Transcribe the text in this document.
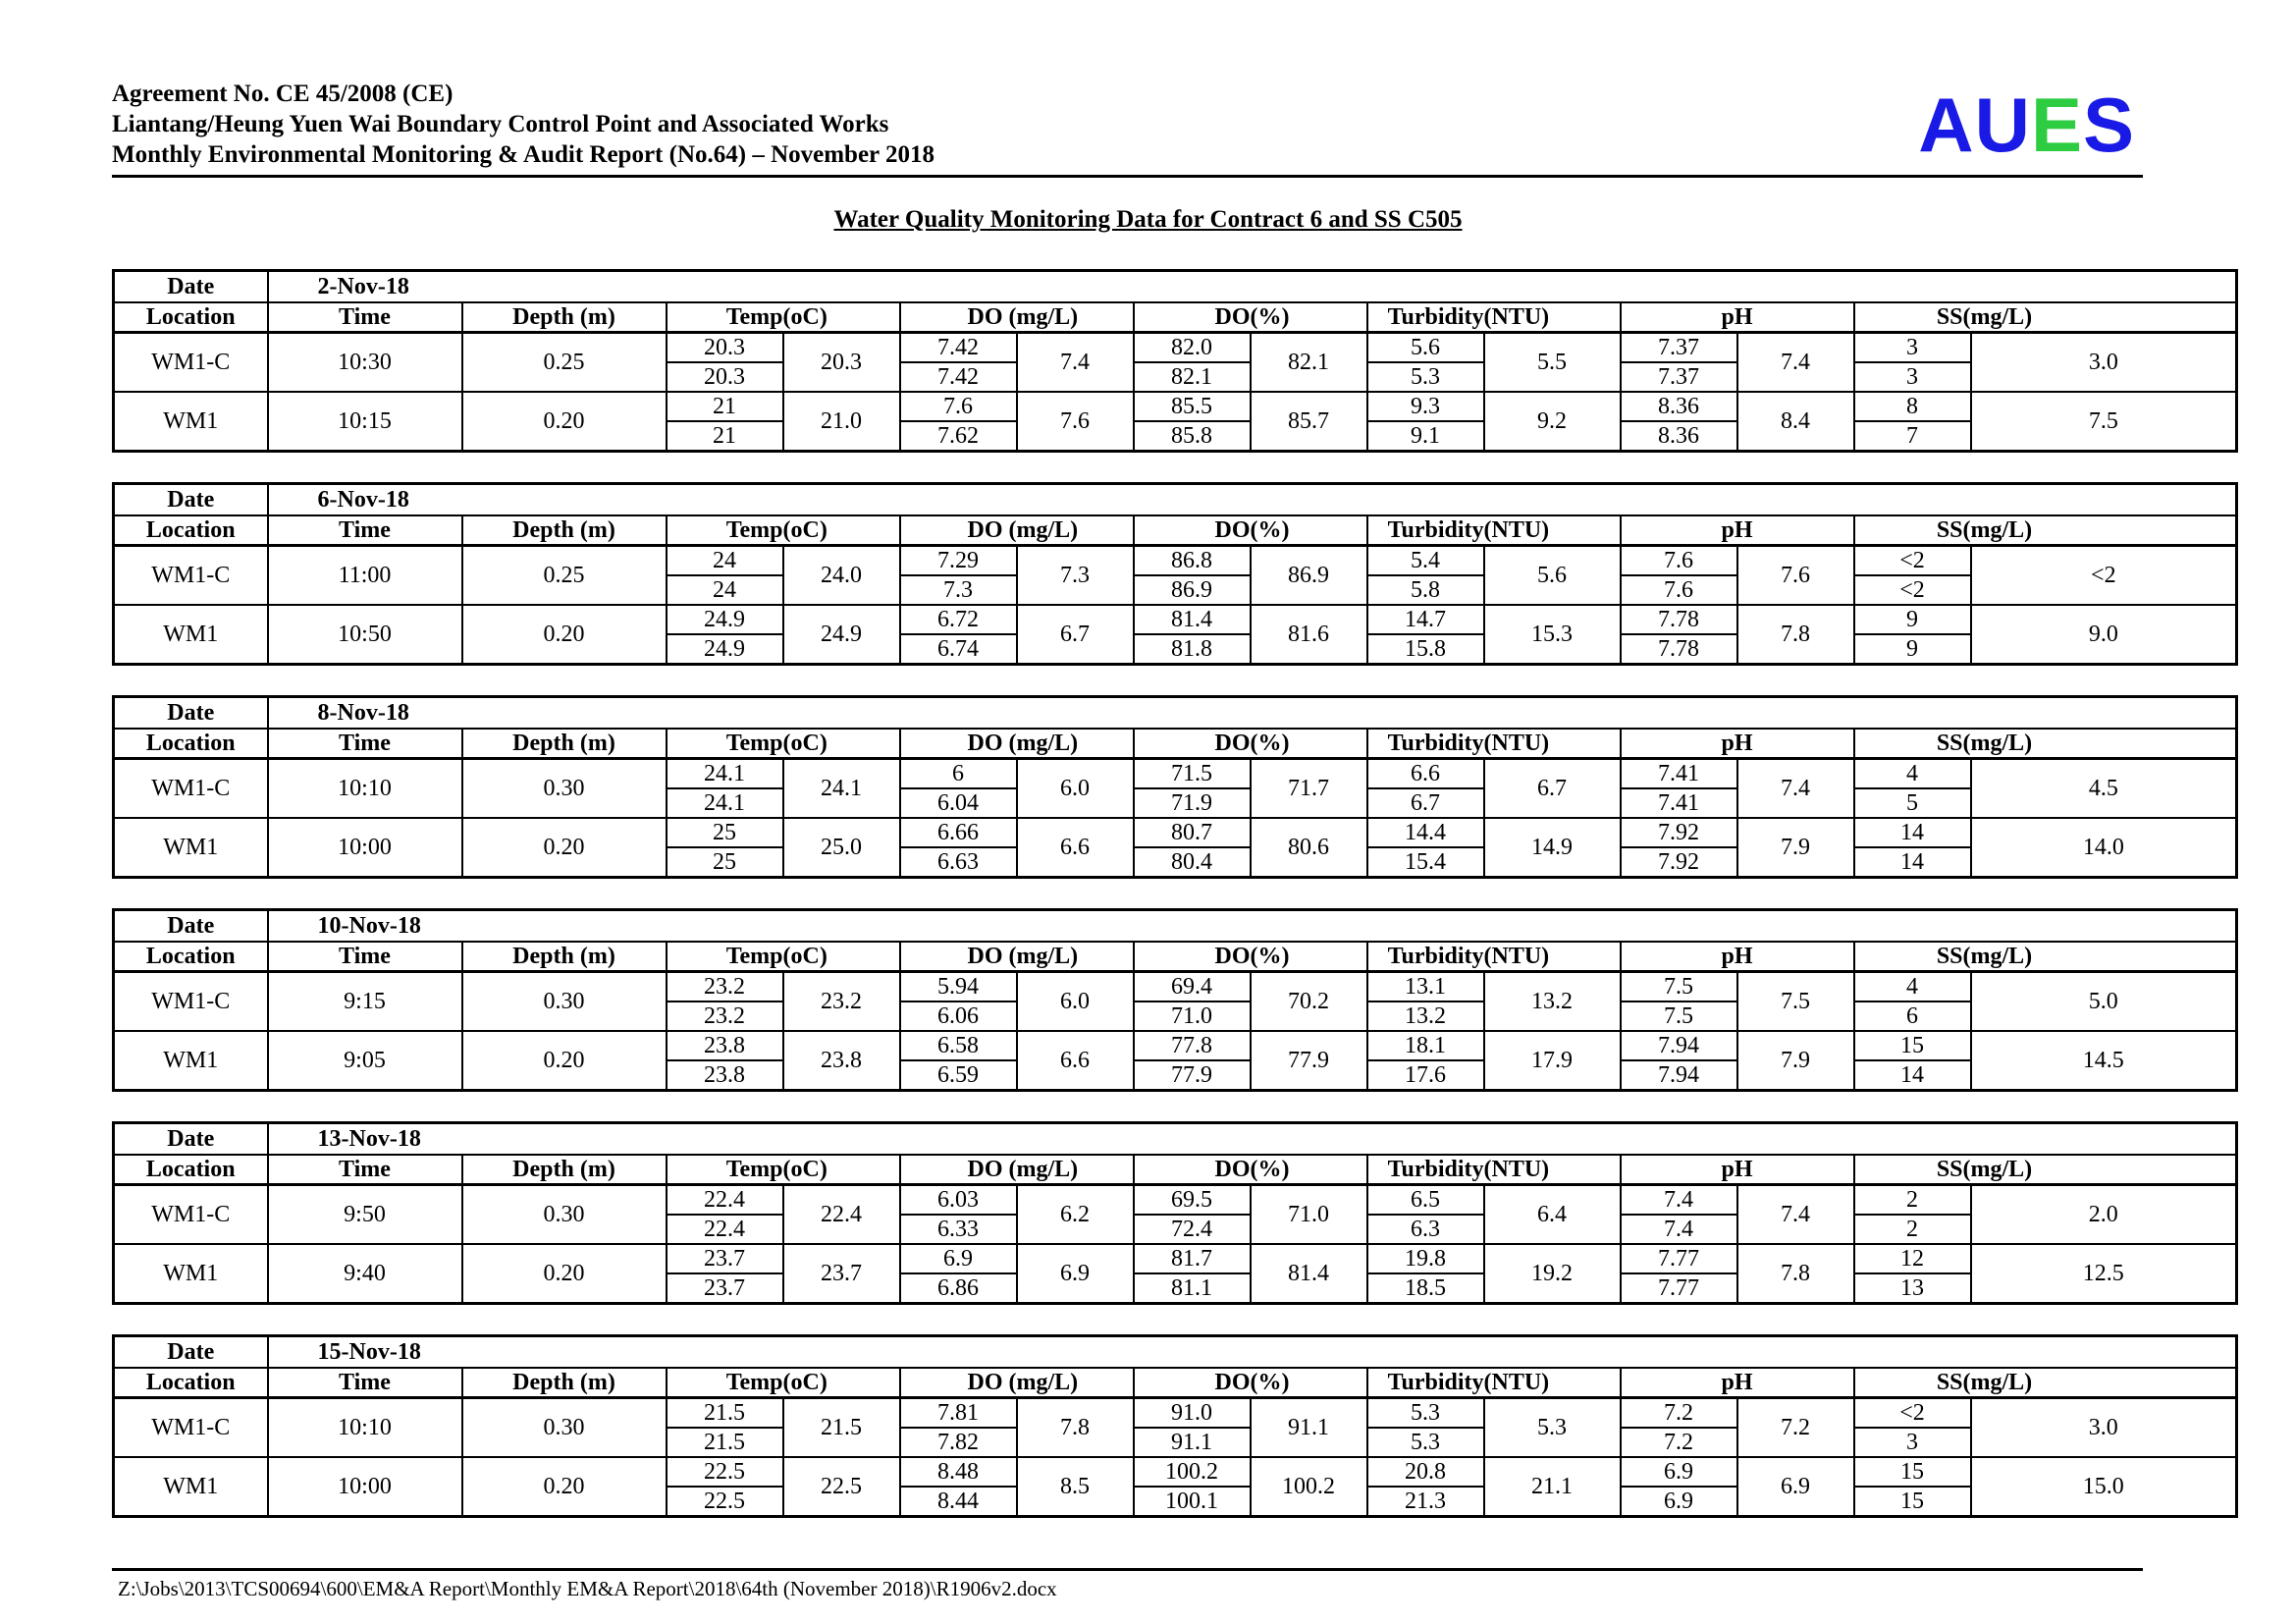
Agreement No. CE 45/2008 (CE)
Liantang/Heung Yuen Wai Boundary Control Point and Associated Works
Monthly Environmental Monitoring & Audit Report (No.64) – November 2018	AUES
Water Quality Monitoring Data for Contract 6 and SS C505
Date	2-Nov-18													
Location	Time	Depth (m)	Temp	(oC)	DO (	mg/L)	DO	(%)	Turbidity	(NTU)	pH		SS(	mg/L)
WM1-C	10:30	0.25	20.3	20.3	7.42	7.4	82.0	82.1	5.6	5.5	7.37	7.4	3	3.0
			20.3		7.42		82.1		5.3		7.37		3	
WM1	10:15	0.20	21	21.0	7.6	7.6	85.5	85.7	9.3	9.2	8.36	8.4	8	7.5
			21		7.62		85.8		9.1		8.36		7	
Date	6-Nov-18													
Location	Time	Depth (m)	Temp	(oC)	DO (	mg/L)	DO	(%)	Turbidity	(NTU)	pH		SS(	mg/L)
WM1-C	11:00	0.25	24	24.0	7.29	7.3	86.8	86.9	5.4	5.6	7.6	7.6	<2	<2
			24		7.3		86.9		5.8		7.6		<2	
WM1	10:50	0.20	24.9	24.9	6.72	6.7	81.4	81.6	14.7	15.3	7.78	7.8	9	9.0
			24.9		6.74		81.8		15.8		7.78		9	
Date	8-Nov-18													
Location	Time	Depth (m)	Temp	(oC)	DO (	mg/L)	DO	(%)	Turbidity	(NTU)	pH		SS(	mg/L)
WM1-C	10:10	0.30	24.1	24.1	6	6.0	71.5	71.7	6.6	6.7	7.41	7.4	4	4.5
			24.1		6.04		71.9		6.7		7.41		5	
WM1	10:00	0.20	25	25.0	6.66	6.6	80.7	80.6	14.4	14.9	7.92	7.9	14	14.0
			25		6.63		80.4		15.4		7.92		14	
Date	10-Nov-18													
Location	Time	Depth (m)	Temp	(oC)	DO (	mg/L)	DO	(%)	Turbidity	(NTU)	pH		SS(	mg/L)
WM1-C	9:15	0.30	23.2	23.2	5.94	6.0	69.4	70.2	13.1	13.2	7.5	7.5	4	5.0
			23.2		6.06		71.0		13.2		7.5		6	
WM1	9:05	0.20	23.8	23.8	6.58	6.6	77.8	77.9	18.1	17.9	7.94	7.9	15	14.5
			23.8		6.59		77.9		17.6		7.94		14	
Date	13-Nov-18													
Location	Time	Depth (m)	Temp	(oC)	DO (	mg/L)	DO	(%)	Turbidity	(NTU)	pH		SS(	mg/L)
WM1-C	9:50	0.30	22.4	22.4	6.03	6.2	69.5	71.0	6.5	6.4	7.4	7.4	2	2.0
			22.4		6.33		72.4		6.3		7.4		2	
WM1	9:40	0.20	23.7	23.7	6.9	6.9	81.7	81.4	19.8	19.2	7.77	7.8	12	12.5
			23.7		6.86		81.1		18.5		7.77		13	
Date	15-Nov-18													
Location	Time	Depth (m)	Temp	(oC)	DO (	mg/L)	DO	(%)	Turbidity	(NTU)	pH		SS(	mg/L)
WM1-C	10:10	0.30	21.5	21.5	7.81	7.8	91.0	91.1	5.3	5.3	7.2	7.2	<2	3.0
			21.5		7.82		91.1		5.3		7.2		3	
WM1	10:00	0.20	22.5	22.5	8.48	8.5	100.2	100.2	20.8	21.1	6.9	6.9	15	15.0
			22.5		8.44		100.1		21.3		6.9		15	
Z:\Jobs\2013\TCS00694\600\EM&A Report\Monthly EM&A Report\2018\64th (November 2018)\R1906v2.docx
